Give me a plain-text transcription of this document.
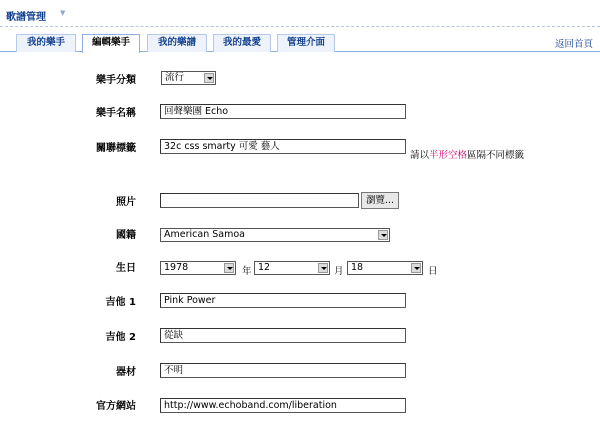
歌譜管理 ▼
我的樂手	編輯樂手	我的樂譜	我的最愛	管理介面	返回首頁
樂手分類	流行
樂手名稱	回聲樂團 Echo
關聯標籤	32c css smarty 可愛 藝人
請以半形空格區隔不同標籤
照片	瀏覽...
國籍	American Samoa
生日	1978	年 12	月 18	日
吉他 1	Pink Power
吉他 2	從缺
器材	不明
官方網站	http://www.echoband.com/liberation
